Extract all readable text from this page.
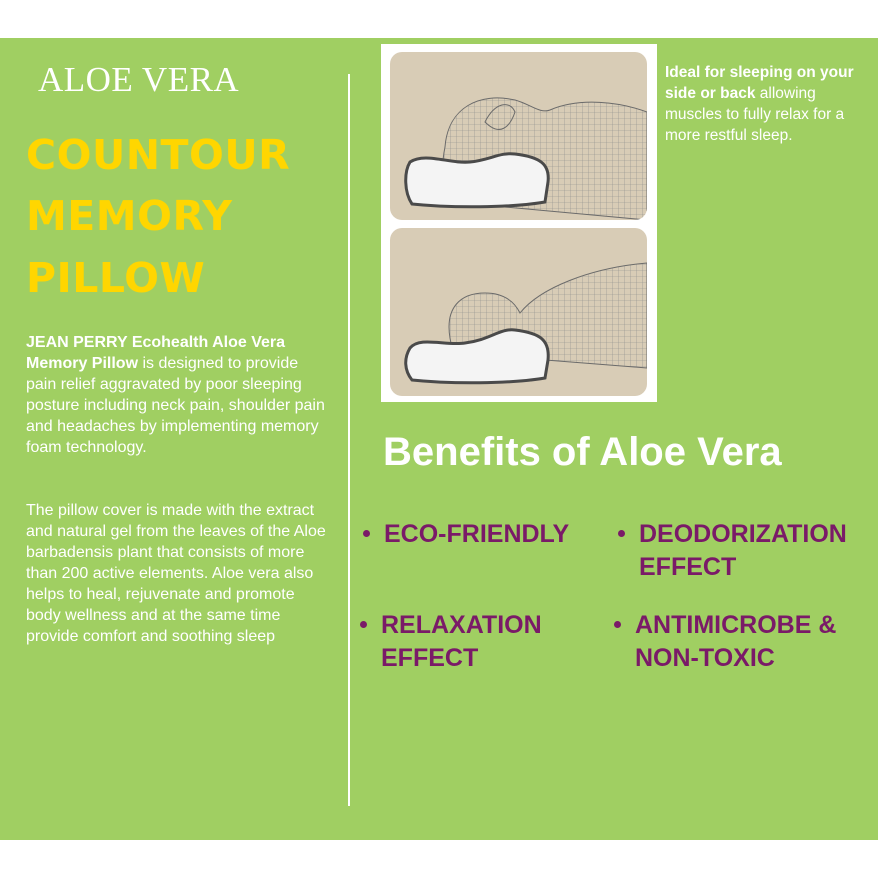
ALOE VERA
COUNTOUR
MEMORY
PILLOW
JEAN PERRY Ecohealth Aloe Vera Memory Pillow is designed to provide pain relief aggravated by poor sleeping posture including neck pain, shoulder pain and headaches by implementing memory foam technology.
The pillow cover is made with the extract and natural gel from the leaves of the Aloe barbadensis plant that consists of more than 200 active elements. Aloe vera also helps to heal, rejuvenate and promote body wellness and at the same time provide comfort and soothing sleep
Ideal for sleeping on your side or back allowing muscles to fully relax for a more restful sleep.
Benefits of Aloe Vera
ECO-FRIENDLY	DEODORIZATION
EFFECT
RELAXATION
EFFECT
ANTIMICROBE &
NON-TOXIC
